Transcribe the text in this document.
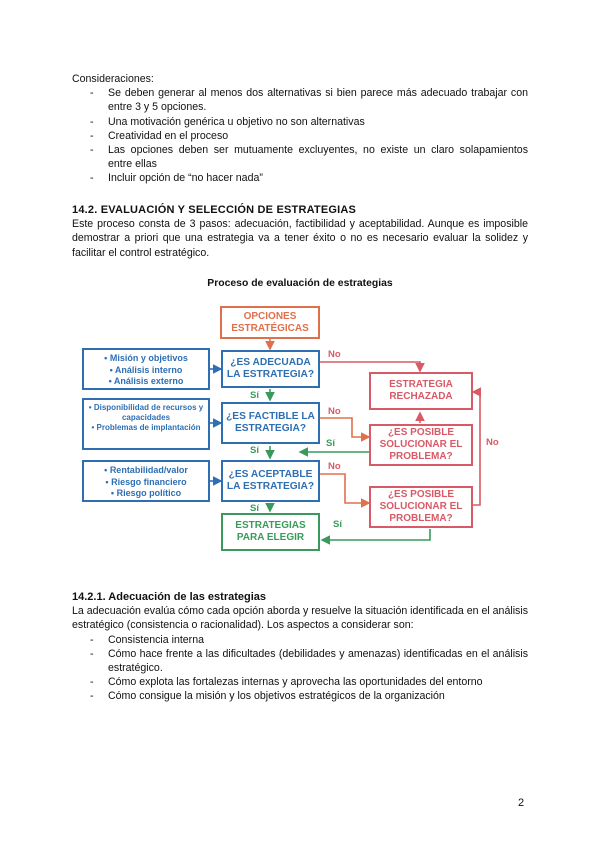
Consideraciones:

- Se deben generar al menos dos alternativas si bien parece más adecuado trabajar con entre 3 y 5 opciones.
- Una motivación genérica u objetivo no son alternativas
- Creatividad en el proceso
- Las opciones deben ser mutuamente excluyentes, no existe un claro solapamientos entre ellas
- Incluir opción de “no hacer nada”

14.2. EVALUACIÓN Y SELECCIÓN DE ESTRATEGIAS

Este proceso consta de 3 pasos: adecuación, factibilidad y aceptabilidad. Aunque es imposible demostrar a priori que una estrategia va a tener éxito o no es necesario evaluar la solidez y facilitar el control estratégico.

Proceso de evaluación de estrategias
OPCIONES ESTRATÉGICAS
¿ES ADECUADA LA ESTRATEGIA?
¿ES FACTIBLE LA ESTRATEGIA?
¿ES ACEPTABLE LA ESTRATEGIA?
ESTRATEGIA RECHAZADA
¿ES POSIBLE SOLUCIONAR EL PROBLEMA?
¿ES POSIBLE SOLUCIONAR EL PROBLEMA?
ESTRATEGIAS PARA ELEGIR
• Misión y objetivos
• Análisis interno
• Análisis externo
• Disponibilidad de recursos y capacidades
• Problemas de implantación
• Rentabilidad/valor
• Riesgo financiero
• Riesgo político
Sí
Sí
Sí
No
No
No
Sí
Sí
No

14.2.1. Adecuación de las estrategias

La adecuación evalúa cómo cada opción aborda y resuelve la situación identificada en el análisis estratégico (consistencia o racionalidad). Los aspectos a considerar son:

- Consistencia interna
- Cómo hace frente a las dificultades (debilidades y amenazas) identificadas en el análisis estratégico.
- Cómo explota las fortalezas internas y aprovecha las oportunidades del entorno
- Cómo consigue la misión y los objetivos estratégicos de la organización
2
